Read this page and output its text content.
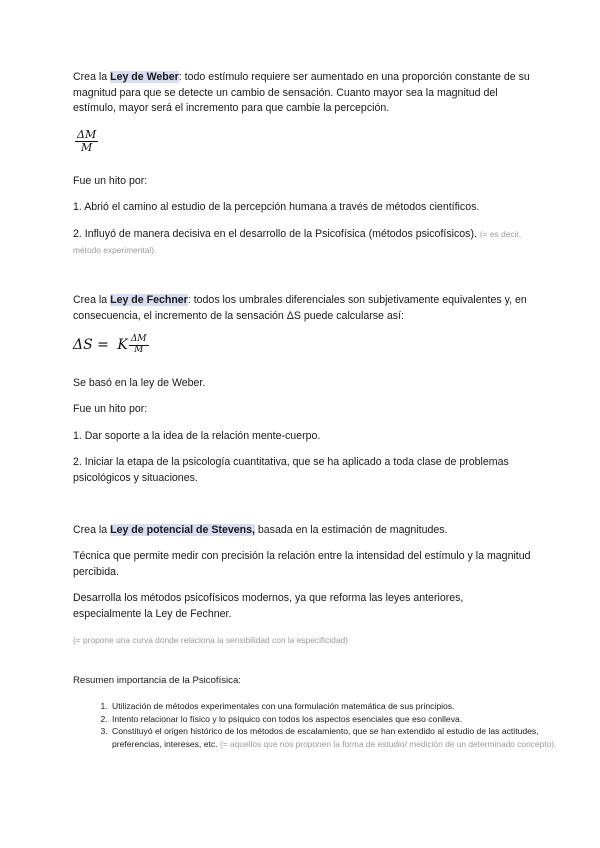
Crea la Ley de Weber: todo estímulo requiere ser aumentado en una proporción constante de su magnitud para que se detecte un cambio de sensación. Cuanto mayor sea la magnitud del estímulo, mayor será el incremento para que cambie la percepción.

$\frac{\Delta M}{M}$

Fue un hito por:

1. Abrió el camino al estudio de la percepción humana a través de métodos científicos.

2. Influyó de manera decisiva en el desarrollo de la Psicofísica (métodos psicofísicos). (= es decir, método experimental).

Crea la Ley de Fechner: todos los umbrales diferenciales son subjetivamente equivalentes y, en consecuencia, el incremento de la sensación ΔS puede calcularse así:

ΔS = K $\frac{\Delta M}{M}$

Se basó en la ley de Weber.

Fue un hito por:

1. Dar soporte a la idea de la relación mente-cuerpo.

2. Iniciar la etapa de la psicología cuantitativa, que se ha aplicado a toda clase de problemas psicológicos y situaciones.

Crea la Ley de potencial de Stevens, basada en la estimación de magnitudes.

Técnica que permite medir con precisión la relación entre la intensidad del estímulo y la magnitud percibida.

Desarrolla los métodos psicofísicos modernos, ya que reforma las leyes anteriores, especialmente la Ley de Fechner.

(= propone una curva donde relaciona la sensibilidad con la especificidad)

Resumen importancia de la Psicofísica:

1. Utilización de métodos experimentales con una formulación matemática de sus principios.
2. Intento relacionar lo físico y lo psíquico con todos los aspectos esenciales que eso conlleva.
3. Constituyó el origen histórico de los métodos de escalamiento, que se han extendido al estudio de las actitudes, preferencias, intereses, etc. (= aquellos que nos proponen la forma de estudio/ medición de un determinado concepto).
